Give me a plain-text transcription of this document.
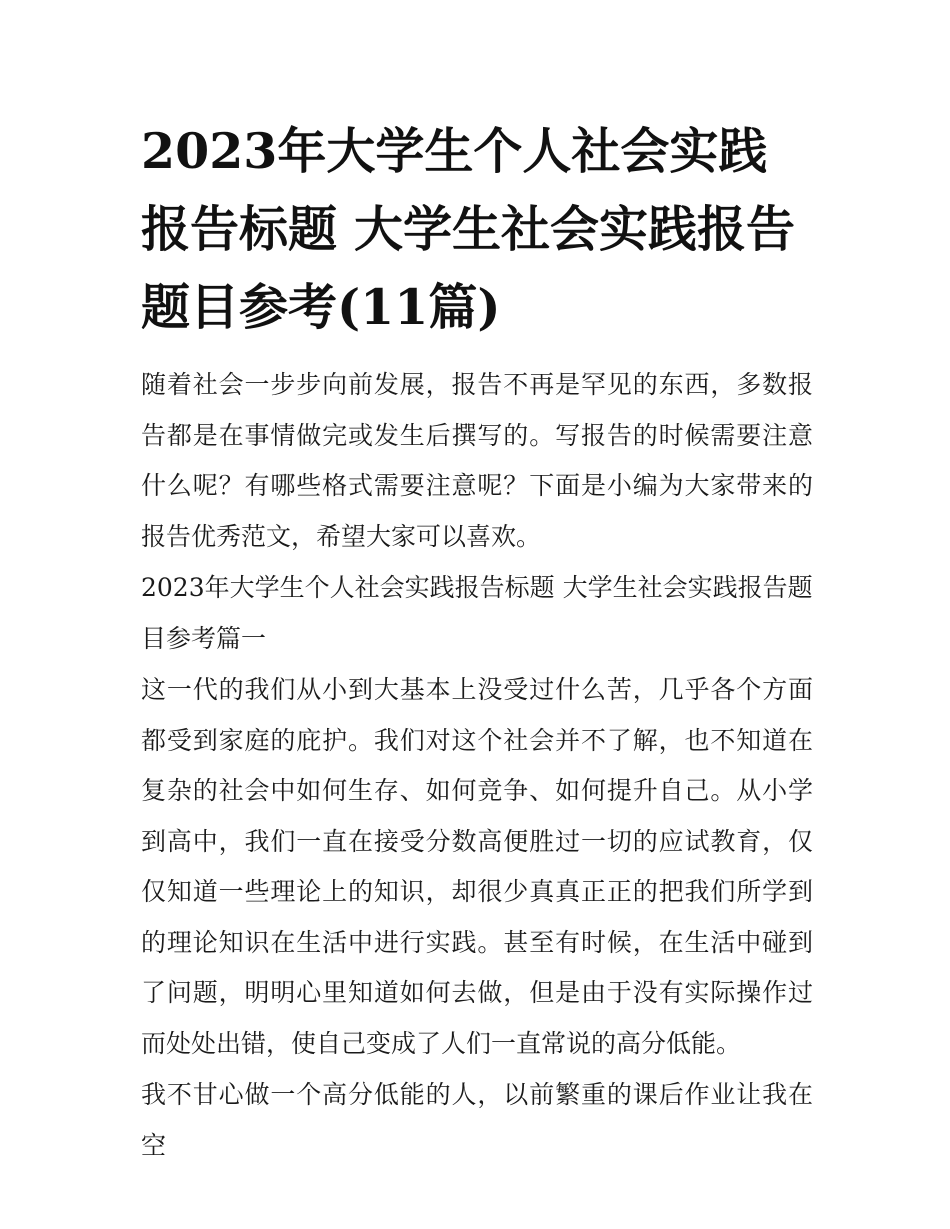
2023年大学生个人社会实践报告标题 大学生社会实践报告题目参考(11篇)

随着社会一步步向前发展，报告不再是罕见的东西，多数报告都是在事情做完或发生后撰写的。写报告的时候需要注意什么呢？有哪些格式需要注意呢？下面是小编为大家带来的报告优秀范文，希望大家可以喜欢。

2023年大学生个人社会实践报告标题 大学生社会实践报告题目参考篇一

这一代的我们从小到大基本上没受过什么苦，几乎各个方面都受到家庭的庇护。我们对这个社会并不了解，也不知道在复杂的社会中如何生存、如何竞争、如何提升自己。从小学到高中，我们一直在接受分数高便胜过一切的应试教育，仅仅知道一些理论上的知识，却很少真真正正的把我们所学到的理论知识在生活中进行实践。甚至有时候，在生活中碰到了问题，明明心里知道如何去做，但是由于没有实际操作过而处处出错，使自己变成了人们一直常说的高分低能。

我不甘心做一个高分低能的人，以前繁重的课后作业让我在空
